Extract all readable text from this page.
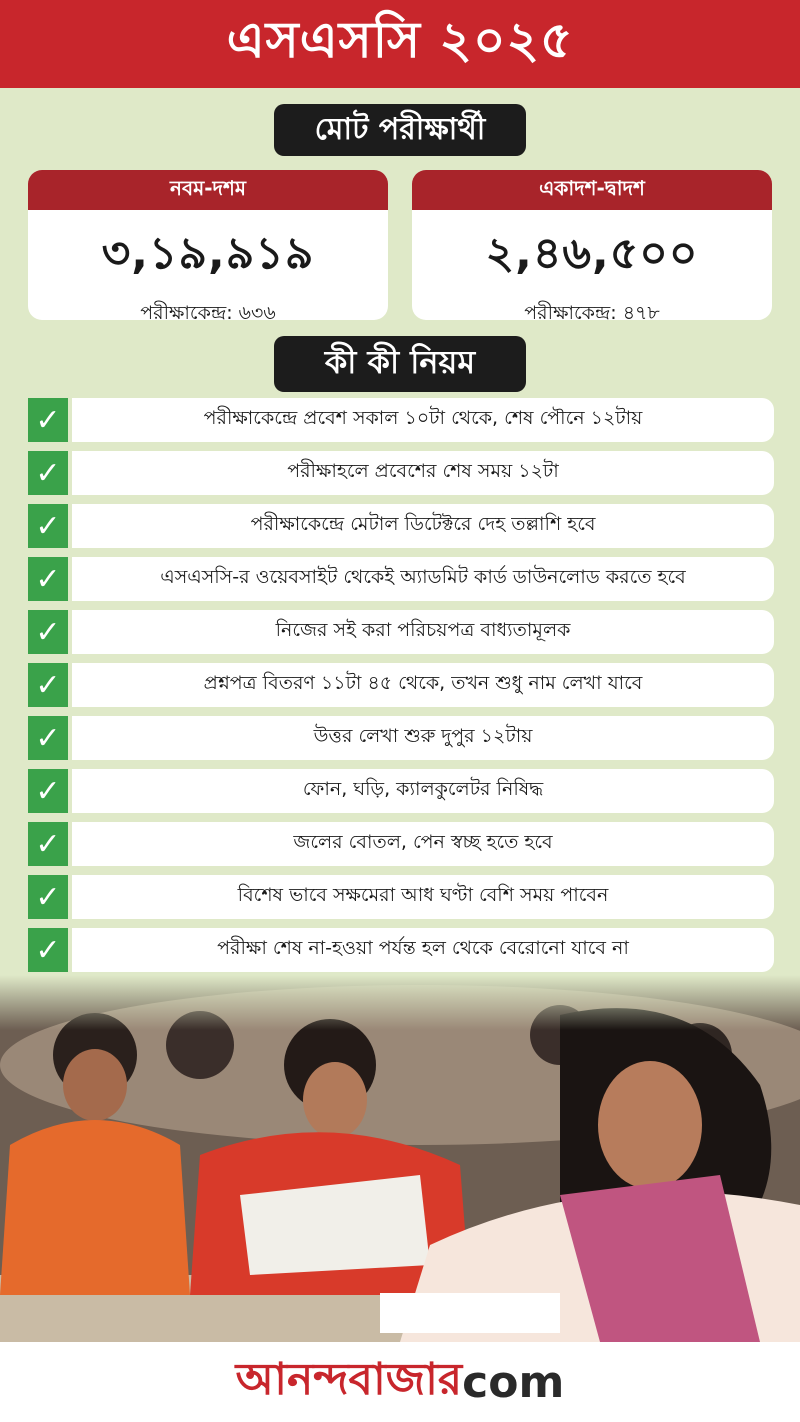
এসএসসি ২০২৫
মোট পরীক্ষার্থী
নবম-দশম
৩,১৯,৯১৯
পরীক্ষাকেন্দ্র: ৬৩৬
একাদশ-দ্বাদশ
২,৪৬,৫০০
পরীক্ষাকেন্দ্র: ৪৭৮
কী কী নিয়ম
✓	পরীক্ষাকেন্দ্রে প্রবেশ সকাল ১০টা থেকে, শেষ পৌনে ১২টায়
✓	পরীক্ষাহলে প্রবেশের শেষ সময় ১২টা
✓	পরীক্ষাকেন্দ্রে মেটাল ডিটেক্টরে দেহ তল্লাশি হবে
✓	এসএসসি-র ওয়েবসাইট থেকেই অ্যাডমিট কার্ড ডাউনলোড করতে হবে
✓	নিজের সই করা পরিচয়পত্র বাধ্যতামূলক
✓	প্রশ্নপত্র বিতরণ ১১টা ৪৫ থেকে, তখন শুধু নাম লেখা যাবে
✓	উত্তর লেখা শুরু দুপুর ১২টায়
✓	ফোন, ঘড়ি, ক্যালকুলেটর নিষিদ্ধ
✓	জলের বোতল, পেন স্বচ্ছ হতে হবে
✓	বিশেষ ভাবে সক্ষমেরা আধ ঘণ্টা বেশি সময় পাবেন
✓	পরীক্ষা শেষ না-হওয়া পর্যন্ত হল থেকে বেরোনো যাবে না
আনন্দবাজার com
